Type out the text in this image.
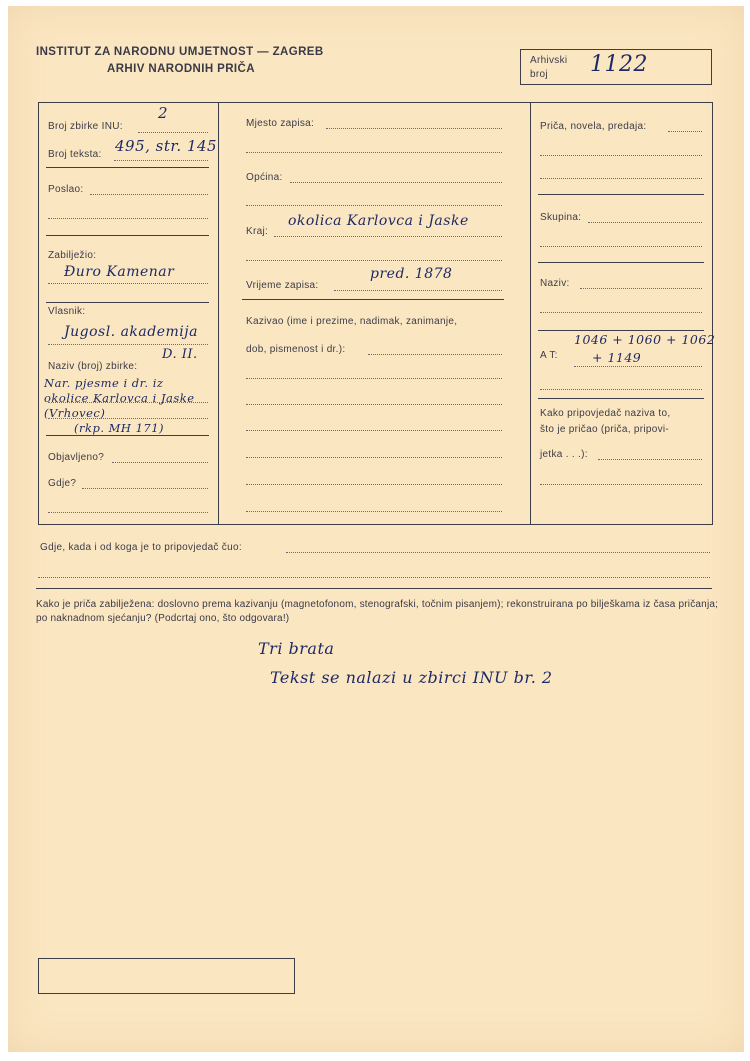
INSTITUT ZA NARODNU UMJETNOST — ZAGREB
ARHIV NARODNIH PRIČA
Arhivski
broj 1122
Broj zbirke INU:
2
Broj teksta: 495, str. 145
Poslao:
Zabilježio:
Đuro Kamenar
Vlasnik:
Jugosl. akademija
Naziv (broj) zbirke:
D. II.
Nar. pjesme i dr. iz
okolice Karlovca i Jaske
(Vrhovec)
(rkp. MH 171)
Objavljeno?
Gdje?
Mjesto zapisa:
Općina:
Kraj:
okolica Karlovca i Jaske
Vrijeme zapisa:
pred. 1878
Kazivao (ime i prezime, nadimak, zanimanje,
dob, pismenost i dr.):
Priča, novela, predaja:
Skupina:
Naziv:
1046 + 1060 + 1062
A T:	+ 1149
Kako pripovjedač naziva to,
što je pričao (priča, pripovi-
jetka . . .):
Gdje, kada i od koga je to pripovjedač čuo:
Kako je priča zabilježena: doslovno prema kazivanju (magnetofonom, stenografski, točnim pisanjem); rekonstruirana po bilješkama iz časa pričanja; po naknadnom sjećanju? (Podcrtaj ono, što odgovara!)
Tri brata
Tekst se nalazi u zbirci INU br. 2
